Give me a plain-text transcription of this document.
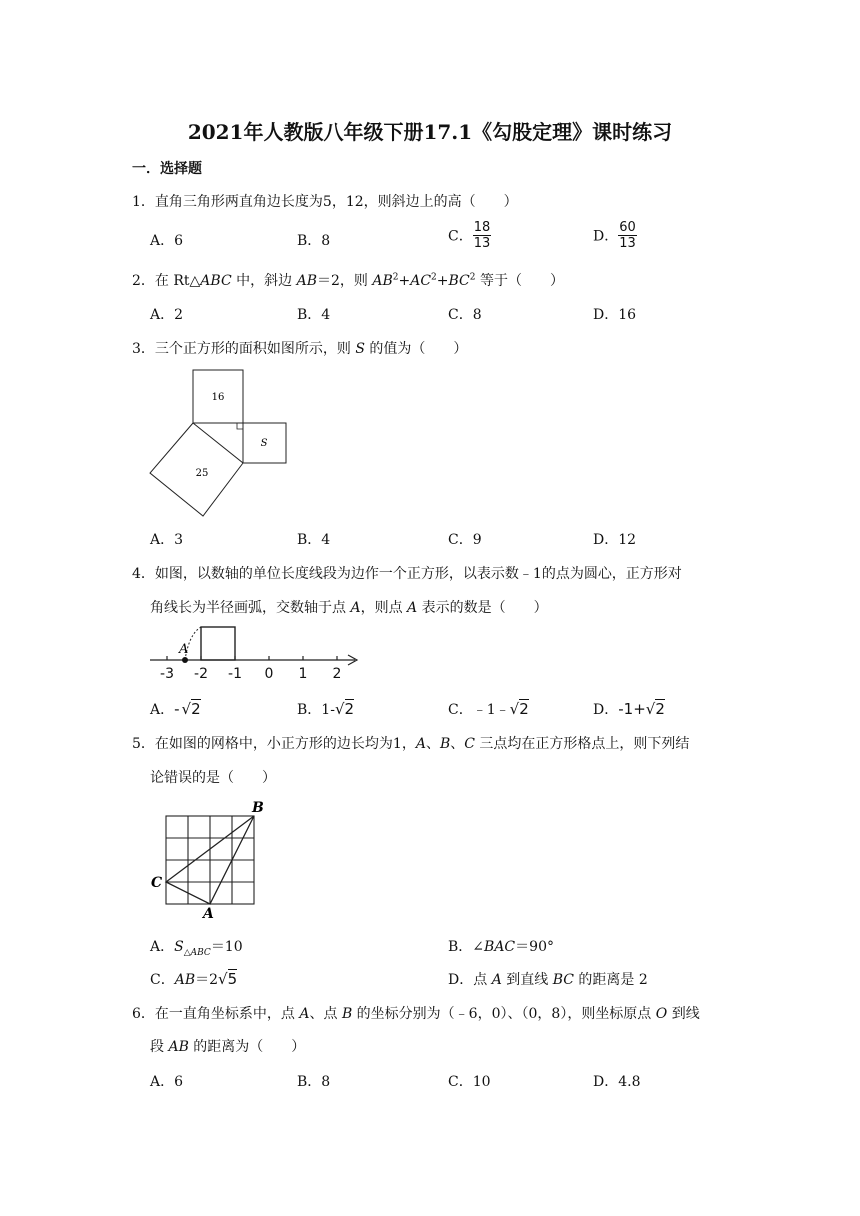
2021年人教版八年级下册17.1《勾股定理》课时练习
一．选择题
1．直角三角形两直角边长度为5，12，则斜边上的高（　　）
A．6	B．8	C． $\frac{18}{13}$	D． $\frac{60}{13}$
2．在 Rt△ABC 中，斜边 AB＝2，则 $AB^2+AC^2+BC^2$ 等于（　　）
A．2	B．4	C．8	D．16
3．三个正方形的面积如图所示，则 S 的值为（　　）
16
S
25
A．3	B．4	C．9	D．12
4．如图，以数轴的单位长度线段为边作一个正方形，以表示数﹣1的点为圆心，正方形对
角线长为半径画弧，交数轴于点 A，则点 A 表示的数是（　　）
A
-3 -2 -1 0 1 2
A．- √2	B．1-√2	C．﹣1﹣√2	D．-1+√2
5．在如图的网格中，小正方形的边长均为1，A、B、C 三点均在正方形格点上，则下列结
论错误的是（　　）
B
C
A
A．$S_{\triangle ABC}=10$	B．∠BAC＝90°
C．AB＝2√5	D．点 A 到直线 BC 的距离是 2
6．在一直角坐标系中，点 A、点 B 的坐标分别为（﹣6，0）、（0，8），则坐标原点 O 到线
段 AB 的距离为（　　）
A．6	B．8	C．10	D．4.8
